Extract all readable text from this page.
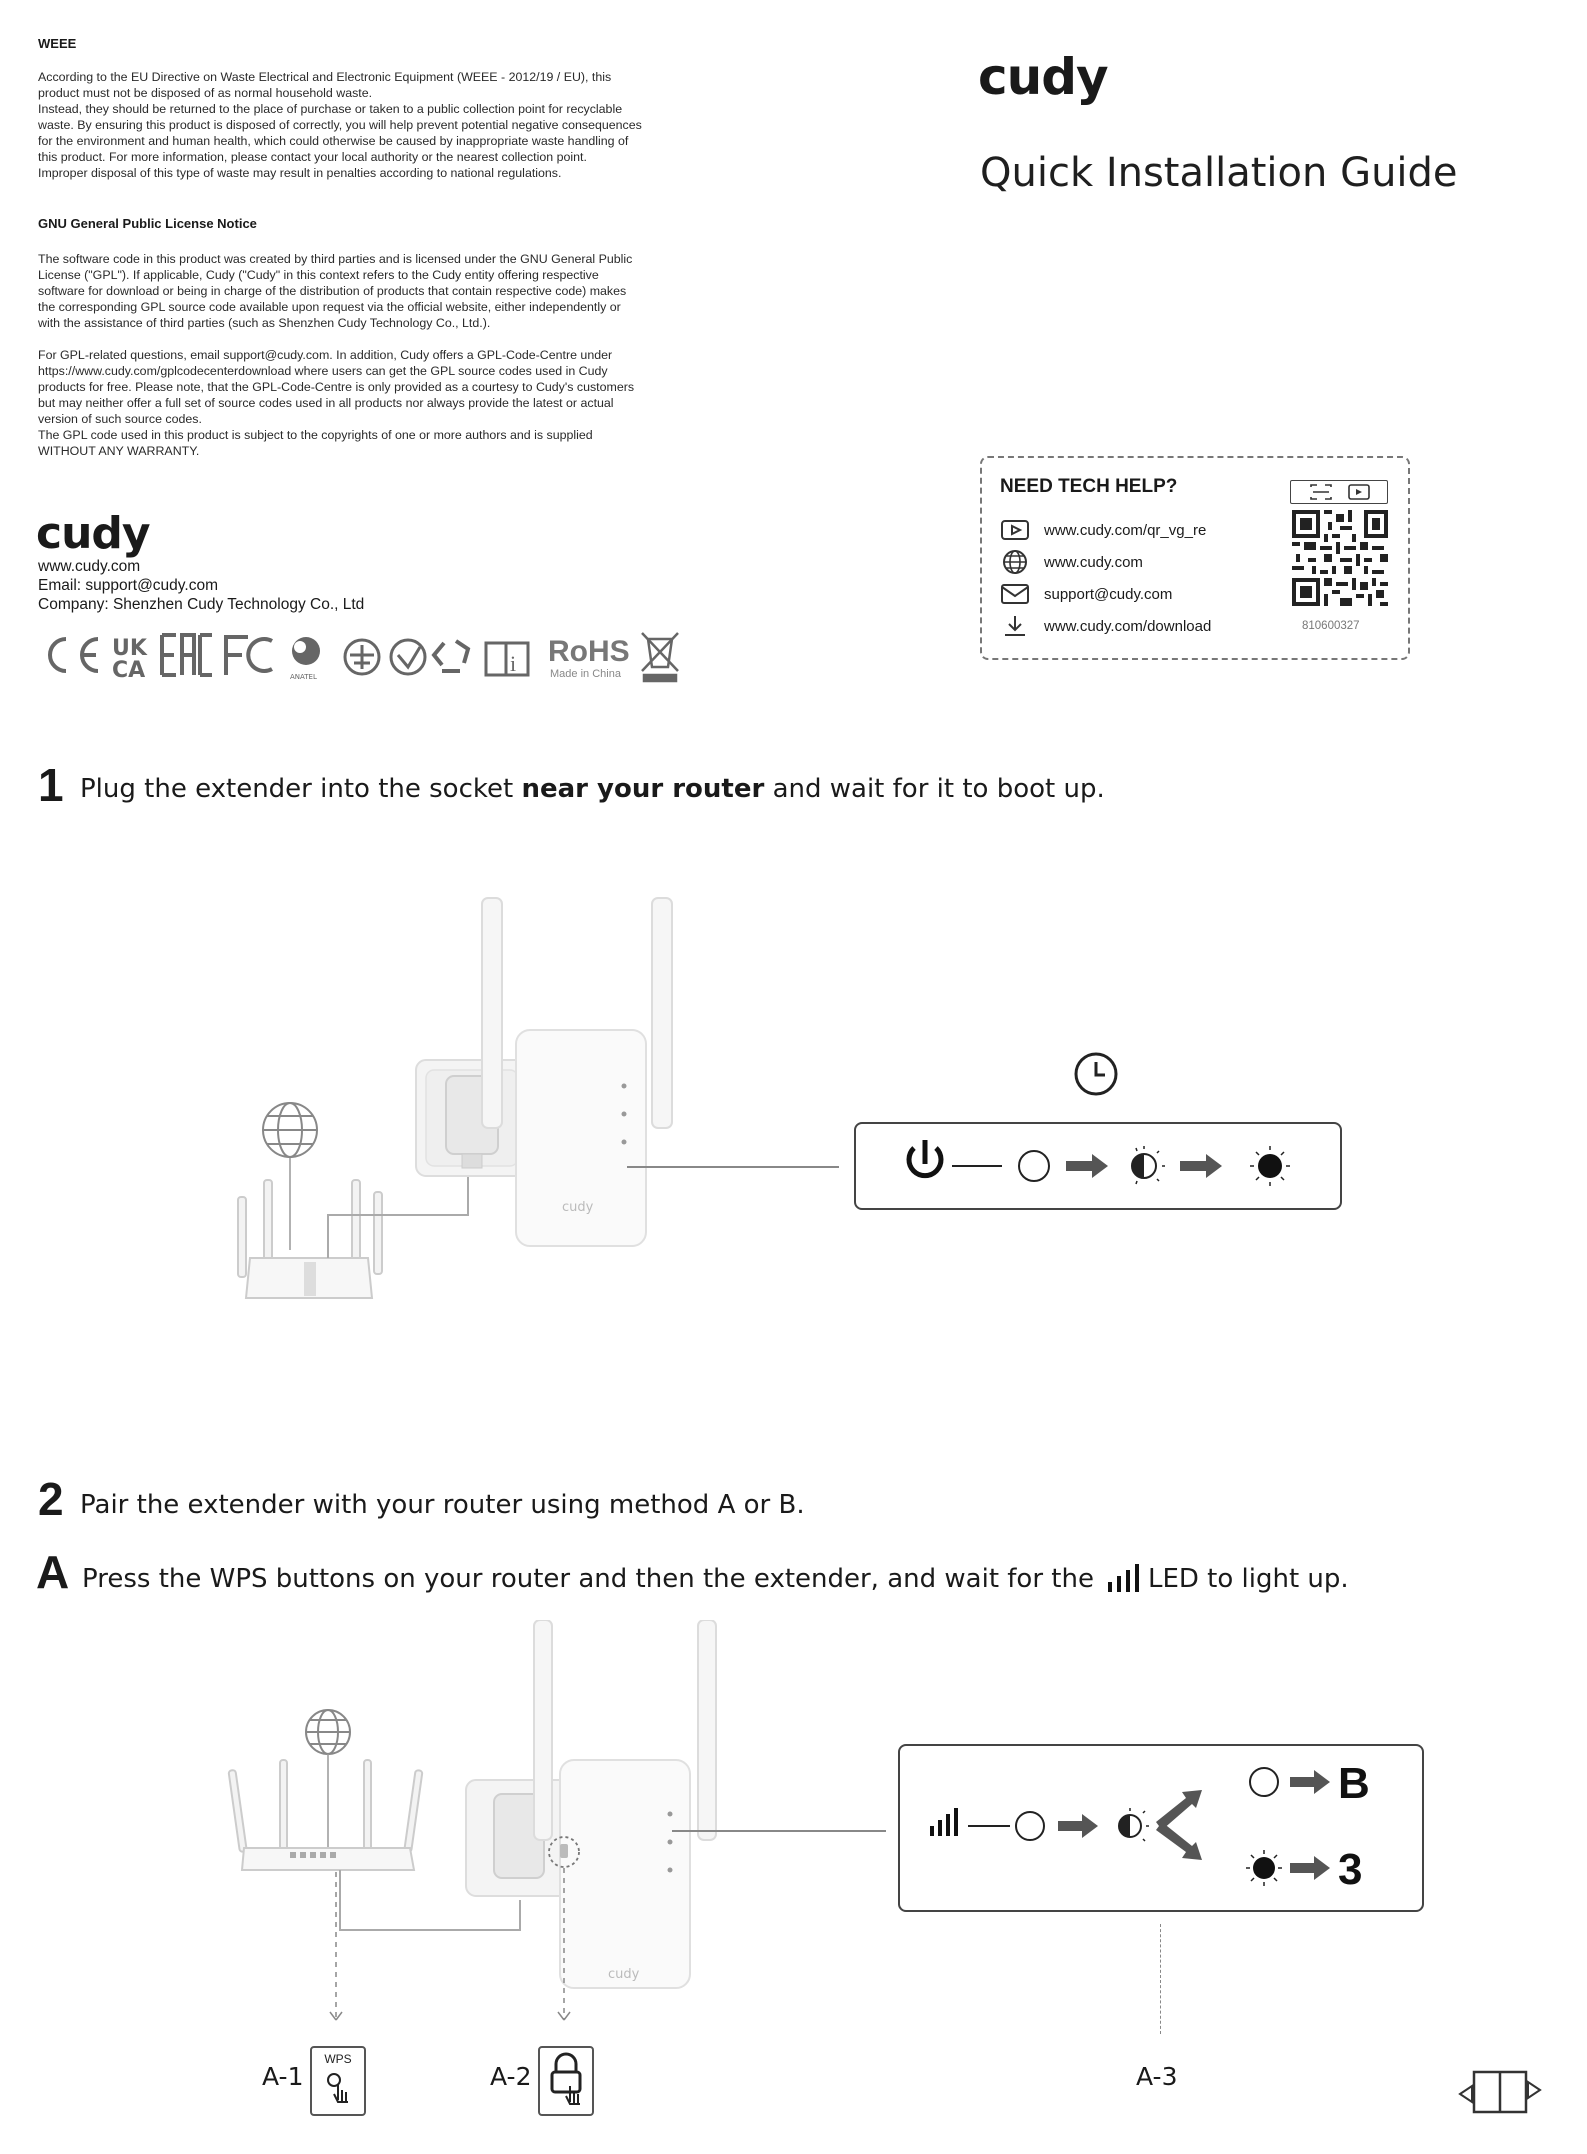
WEEE

According to the EU Directive on Waste Electrical and Electronic Equipment (WEEE - 2012/19 / EU), this

product must not be disposed of as normal household waste.

Instead, they should be returned to the place of purchase or taken to a public collection point for recyclable

waste. By ensuring this product is disposed of correctly, you will help prevent potential negative consequences

for the environment and human health, which could otherwise be caused by inappropriate waste handling of

this product. For more information, please contact your local authority or the nearest collection point.

Improper disposal of this type of waste may result in penalties according to national regulations.

GNU General Public License Notice

The software code in this product was created by third parties and is licensed under the GNU General Public

License ("GPL"). If applicable, Cudy ("Cudy" in this context refers to the Cudy entity offering respective

software for download or being in charge of the distribution of products that contain respective code) makes

the corresponding GPL source code available upon request via the official website, either independently or

with the assistance of third parties (such as Shenzhen Cudy Technology Co., Ltd.).

For GPL-related questions, email support@cudy.com. In addition, Cudy offers a GPL-Code-Centre under

https://www.cudy.com/gplcodecenterdownload where users can get the GPL source codes used in Cudy

products for free. Please note, that the GPL-Code-Centre is only provided as a courtesy to Cudy's customers

but may neither offer a full set of source codes used in all products nor always provide the latest or actual

version of such source codes.

The GPL code used in this product is subject to the copyrights of one or more authors and is supplied

WITHOUT ANY WARRANTY.

cudy
www.cudy.com
Email: support@cudy.com
Company: Shenzhen Cudy Technology Co., Ltd
UK
CA	ANATEL
i RoHS
Made in China
cudy
Quick Installation Guide
NEED TECH HELP?
www.cudy.com/qr_vg_re
www.cudy.com
support@cudy.com
www.cudy.com/download	810600327
1 Plug the extender into the socket near your router and wait for it to boot up.
cudy
2 Pair the extender with your router using method A or B.
A Press the WPS buttons on your router and then the extender, and wait for the LED to light up.
cudy
B
3
A-1
WPS
A-2	A-3
